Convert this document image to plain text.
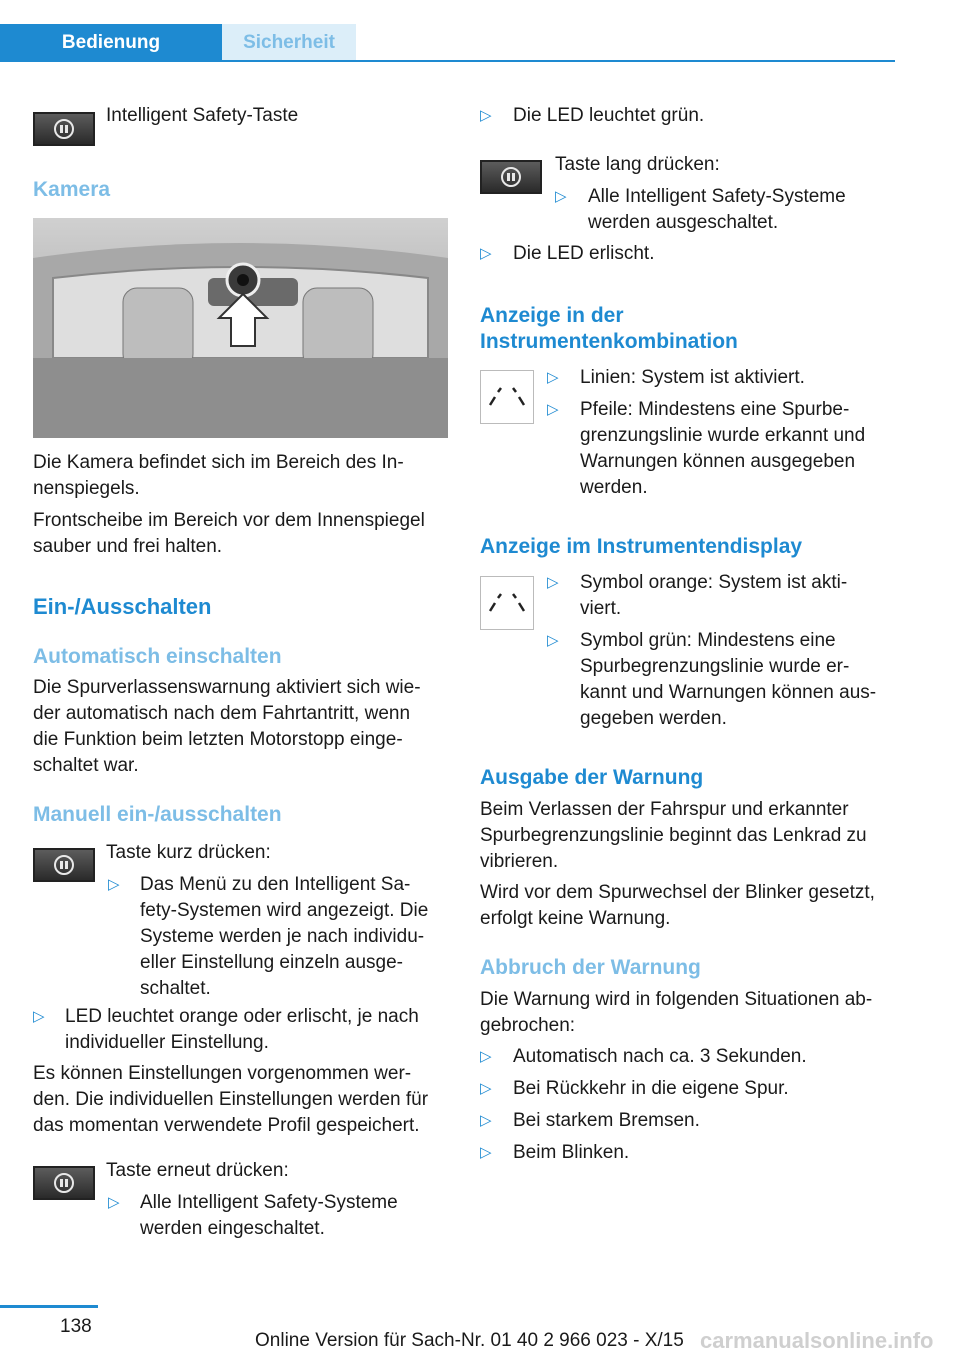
Bedienung	Sicherheit
Intelligent Safety-Taste
Kamera
Die Kamera befindet sich im Bereich des In‐
nenspiegels.
Frontscheibe im Bereich vor dem Innenspiegel
sauber und frei halten.
Ein-/Ausschalten
Automatisch einschalten
Die Spurverlassenswarnung aktiviert sich wie‐
der automatisch nach dem Fahrtantritt, wenn
die Funktion beim letzten Motorstopp einge‐
schaltet war.
Manuell ein-/ausschalten
Taste kurz drücken:
▷ Das Menü zu den Intelligent Sa‐
fety-Systemen wird angezeigt. Die
Systeme werden je nach individu‐
eller Einstellung einzeln ausge‐
schaltet.
▷ LED leuchtet orange oder erlischt, je nach
individueller Einstellung.
Es können Einstellungen vorgenommen wer‐
den. Die individuellen Einstellungen werden für
das momentan verwendete Profil gespeichert.
Taste erneut drücken:
▷ Alle Intelligent Safety-Systeme
werden eingeschaltet.
▷ Die LED leuchtet grün.
Taste lang drücken:
▷ Alle Intelligent Safety-Systeme
werden ausgeschaltet.
▷ Die LED erlischt.
Anzeige in der
Instrumentenkombination
▷ Linien: System ist aktiviert.
▷ Pfeile: Mindestens eine Spurbe‐
grenzungslinie wurde erkannt und
Warnungen können ausgegeben
werden.
Anzeige im Instrumentendisplay
▷ Symbol orange: System ist akti‐
viert.
▷ Symbol grün: Mindestens eine
Spurbegrenzungslinie wurde er‐
kannt und Warnungen können aus‐
gegeben werden.
Ausgabe der Warnung
Beim Verlassen der Fahrspur und erkannter
Spurbegrenzungslinie beginnt das Lenkrad zu
vibrieren.
Wird vor dem Spurwechsel der Blinker gesetzt,
erfolgt keine Warnung.
Abbruch der Warnung
Die Warnung wird in folgenden Situationen ab‐
gebrochen:
▷ Automatisch nach ca. 3 Sekunden.
▷ Bei Rückkehr in die eigene Spur.
▷ Bei starkem Bremsen.
▷ Beim Blinken.
138
Online Version für Sach-Nr. 01 40 2 966 023 - X/15 carmanualsonline.info
